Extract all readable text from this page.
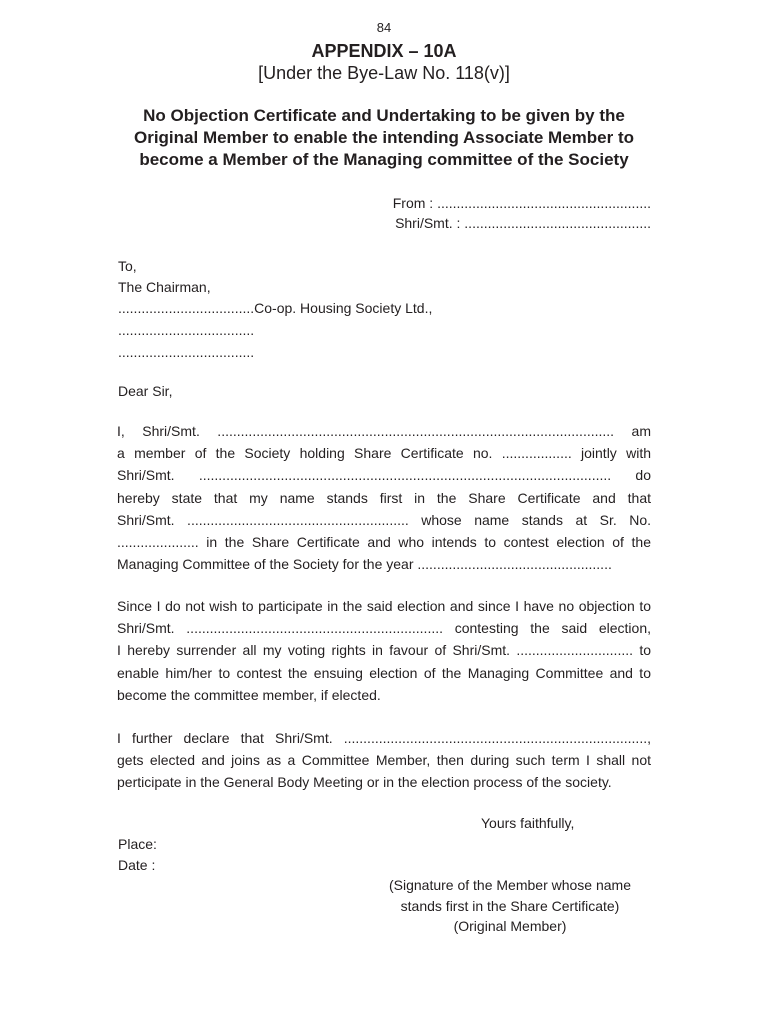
84
APPENDIX – 10A
[Under the Bye-Law No. 118(v)]
No Objection Certificate and Undertaking to be given by the
Original Member to enable the intending Associate Member to
become a Member of the Managing committee of the Society
From : .......................................................
Shri/Smt. : ................................................
To,
The Chairman,
...................................Co-op. Housing Society Ltd.,
...................................
...................................
Dear Sir,
I, Shri/Smt. ...................................................................................................... am
a member of the Society holding Share Certificate no. .................. jointly with
Shri/Smt. .......................................................................................................... do
hereby state that my name stands first in the Share Certificate and that
Shri/Smt. ......................................................... whose name stands at Sr. No.
..................... in the Share Certificate and who intends to contest election of the
Managing Committee of the Society for the year ..................................................
Since I do not wish to participate in the said election and since I have no objection to
Shri/Smt. .................................................................. contesting the said election,
I hereby surrender all my voting rights in favour of Shri/Smt. .............................. to
enable him/her to contest the ensuing election of the Managing Committee and to
become the committee member, if elected.
I further declare that Shri/Smt. ..............................................................................,
gets elected and joins as a Committee Member, then during such term I shall not
perticipate in the General Body Meeting or in the election process of the society.
Yours faithfully,
Place:
Date :
(Signature of the Member whose name
stands first in the Share Certificate)
(Original Member)
